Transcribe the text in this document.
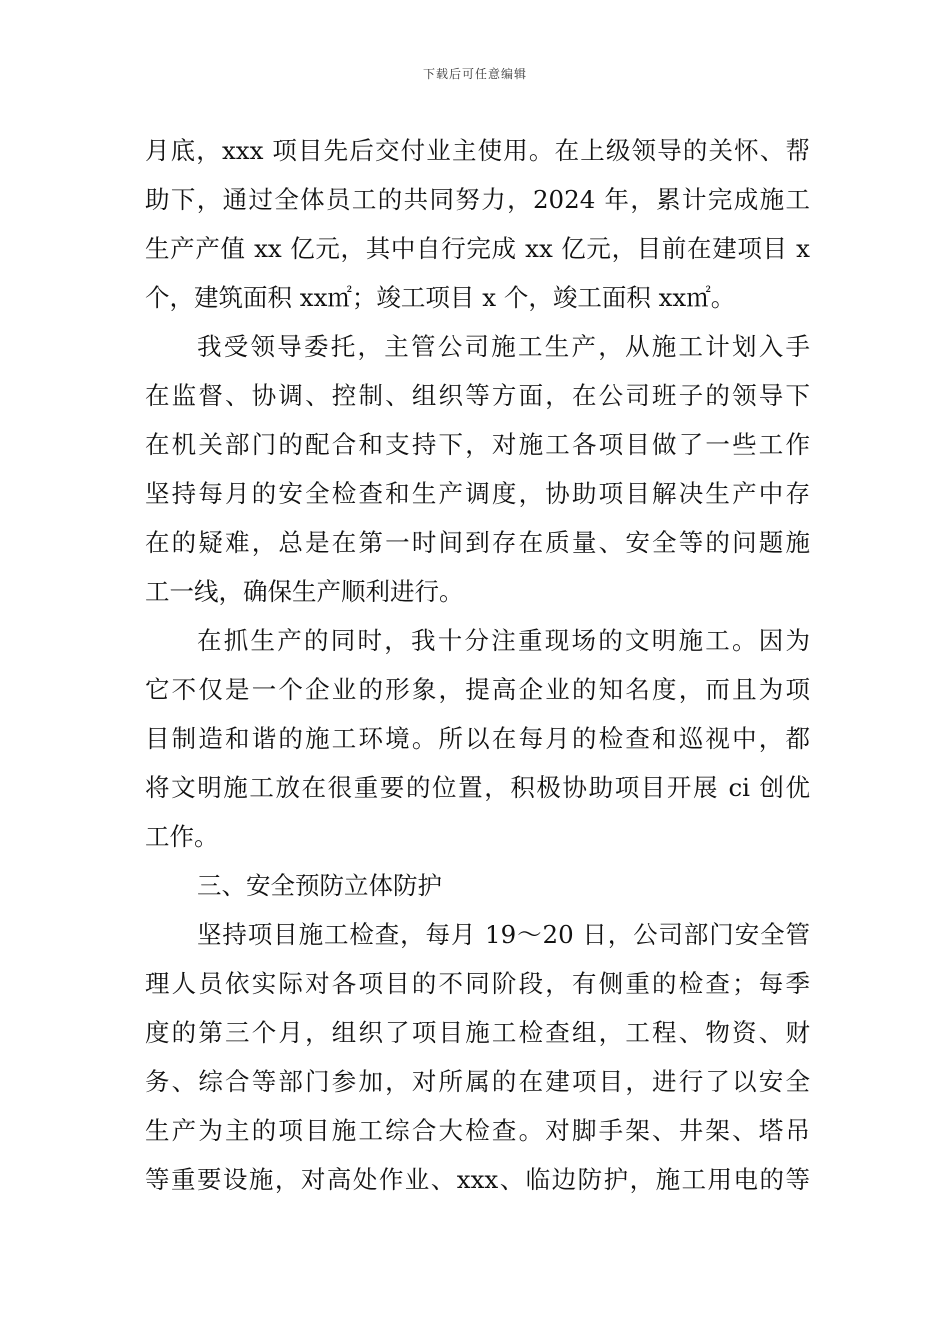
下载后可任意编辑
月底，xxx 项目先后交付业主使用。在上级领导的关怀、帮
助下，通过全体员工的共同努力，2024 年，累计完成施工
生产产值 xx 亿元，其中自行完成 xx 亿元，目前在建项目 x
个，建筑面积 xx㎡；竣工项目 x 个，竣工面积 xx㎡。
我受领导委托，主管公司施工生产，从施工计划入手
在监督、协调、控制、组织等方面，在公司班子的领导下
在机关部门的配合和支持下，对施工各项目做了一些工作
坚持每月的安全检查和生产调度，协助项目解决生产中存
在的疑难，总是在第一时间到存在质量、安全等的问题施
工一线，确保生产顺利进行。
在抓生产的同时，我十分注重现场的文明施工。因为
它不仅是一个企业的形象，提高企业的知名度，而且为项
目制造和谐的施工环境。所以在每月的检查和巡视中，都
将文明施工放在很重要的位置，积极协助项目开展 ci 创优
工作。
三、安全预防立体防护
坚持项目施工检查，每月 19～20 日，公司部门安全管
理人员依实际对各项目的不同阶段，有侧重的检查；每季
度的第三个月，组织了项目施工检查组，工程、物资、财
务、综合等部门参加，对所属的在建项目，进行了以安全
生产为主的项目施工综合大检查。对脚手架、井架、塔吊
等重要设施，对高处作业、xxx、临边防护，施工用电的等
